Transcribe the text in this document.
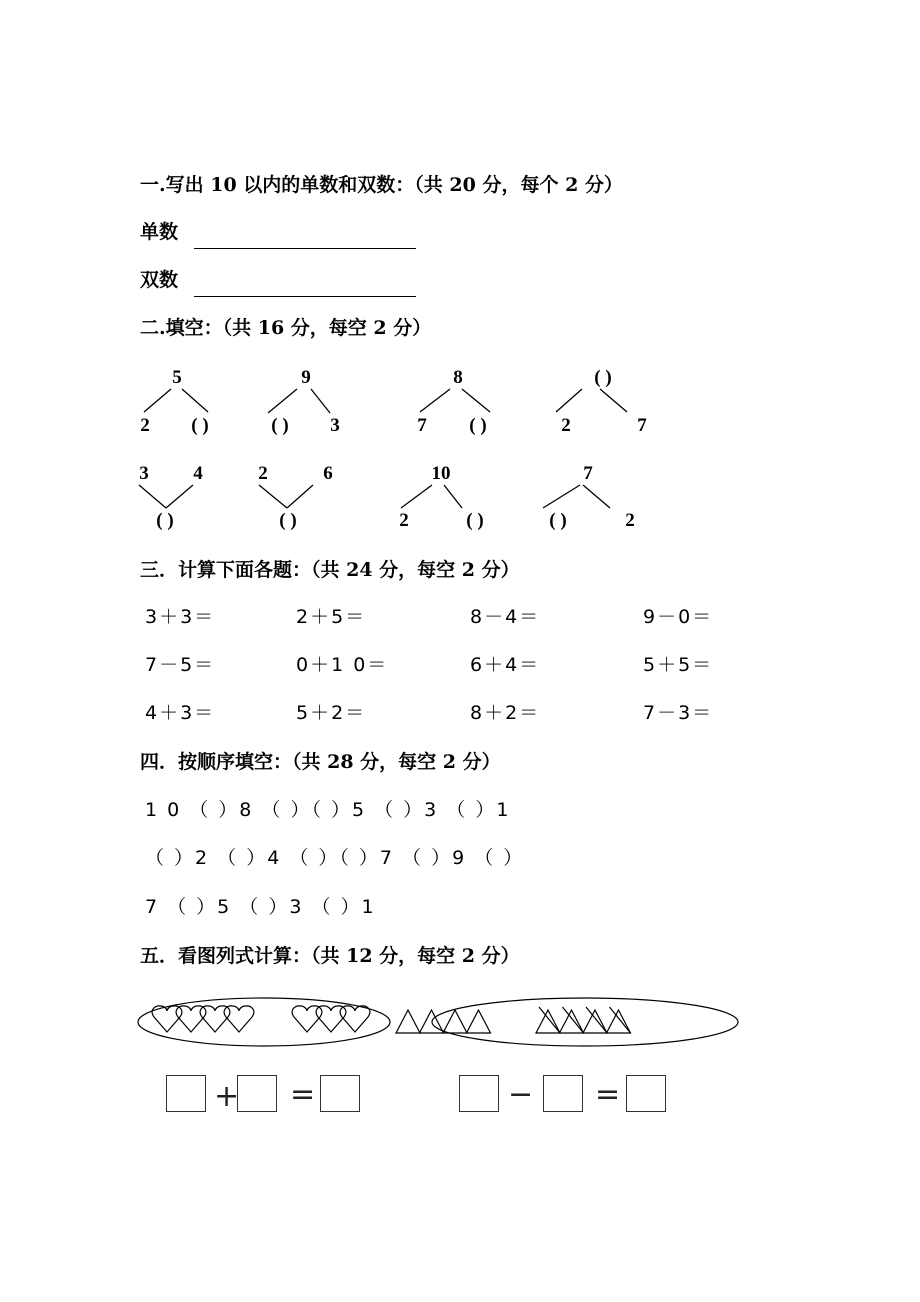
一.写出 10 以内的单数和双数：（共 20 分，每个 2 分）
单数
双数
二.填空：（共 16 分，每空 2 分）
5
2 ( )
9
( ) 3
8
7 ( )
( )
2	7
3 4
( )
2	6
( )
10
2	( )
7
( )	2
三．计算下面各题：（共 24 分，每空 2 分）
3＋3＝	2＋5＝	8－4＝	9－0＝
7－5＝	0＋1 0＝	6＋4＝	5＋5＝
4＋3＝	5＋2＝	8＋2＝	7－3＝
四．按顺序填空：（共 28 分，每空 2 分）
1 0 （ ）8 （ ）（ ）5 （ ）3 （ ）1
（ ）2 （ ）4 （ ）（ ）7 （ ）9 （ ）
7 （ ）5 （ ）3 （ ）1
五．看图列式计算：（共 12 分，每空 2 分）
+ =	− =
